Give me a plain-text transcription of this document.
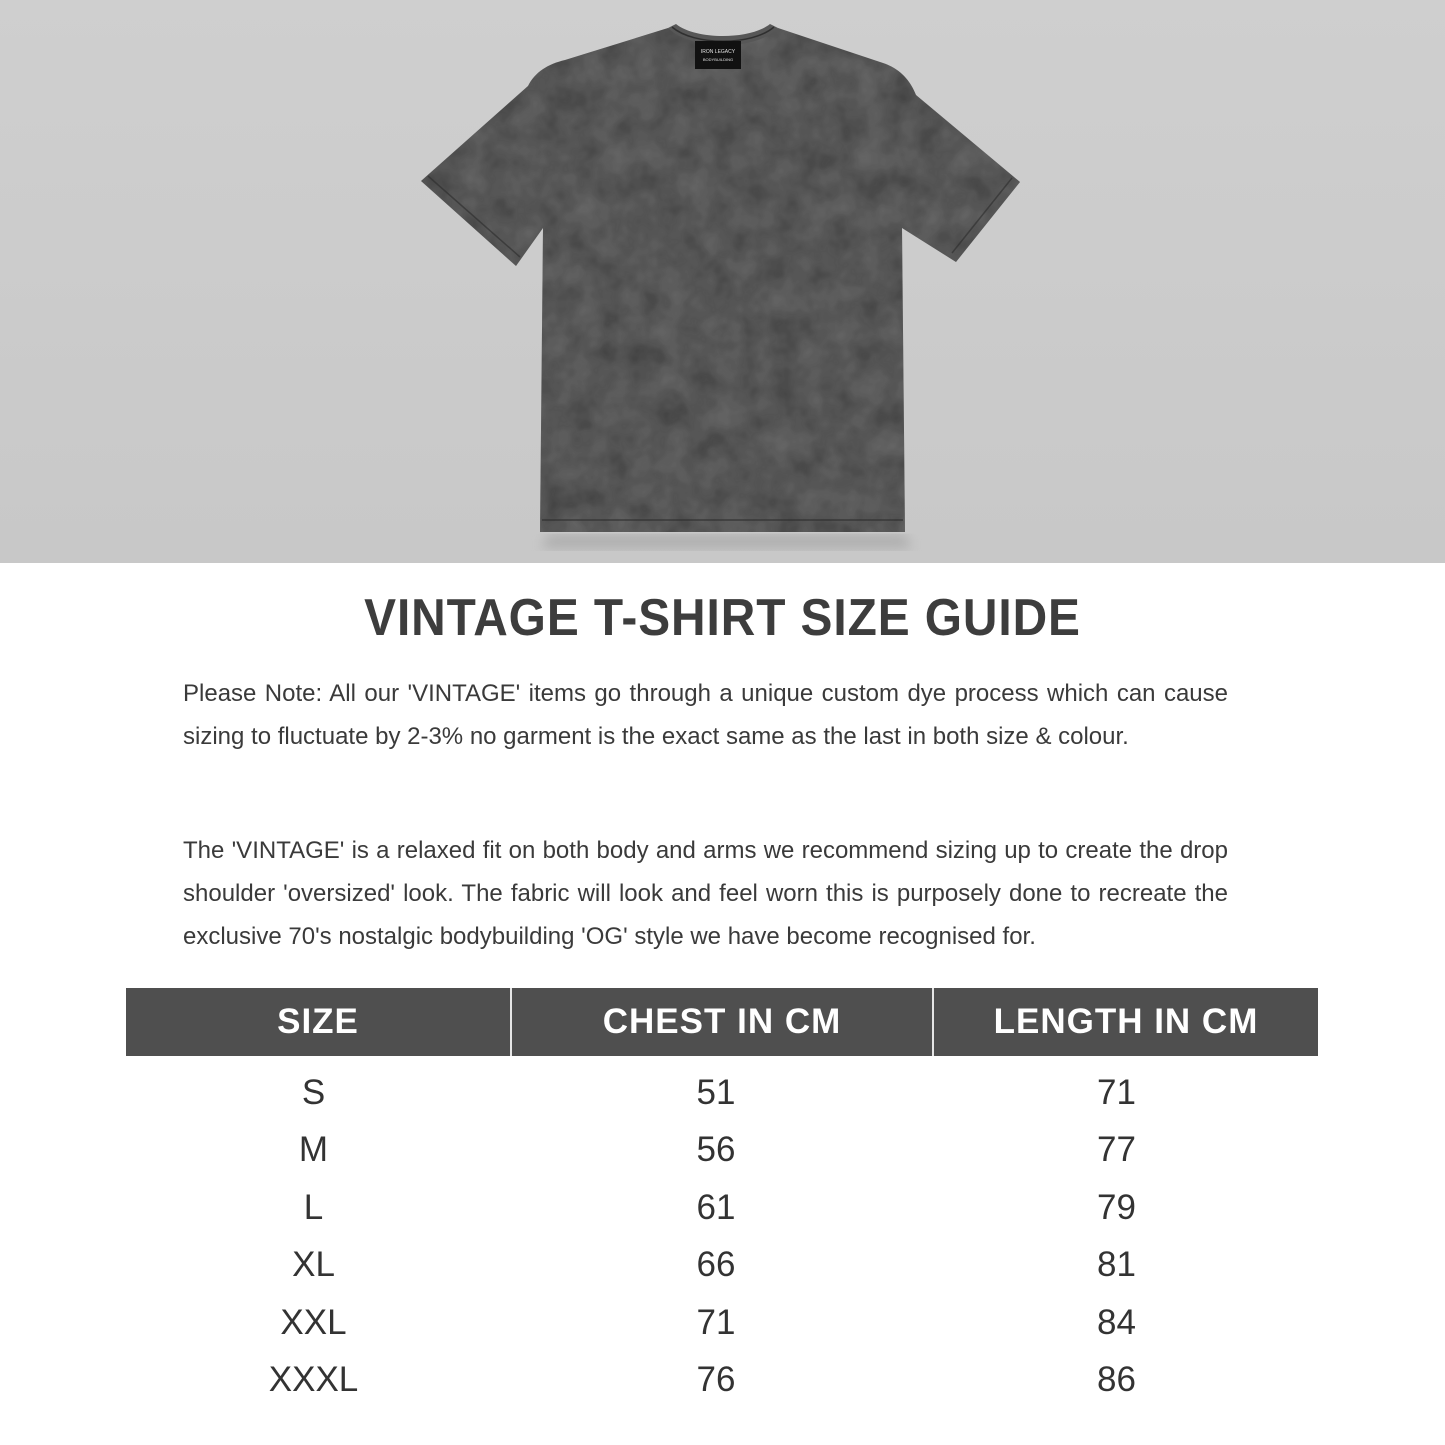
IRON LEGACY
BODYBUILDING
VINTAGE T-SHIRT SIZE GUIDE

Please Note: All our 'VINTAGE' items go through a unique custom dye process which can cause sizing to fluctuate by 2-3% no garment is the exact same as the last in both size & colour.

The 'VINTAGE' is a relaxed fit on both body and arms we recommend sizing up to create the drop shoulder 'oversized' look. The fabric will look and feel worn this is purposely done to recreate the exclusive 70's nostalgic bodybuilding 'OG' style we have become recognised for.

SIZE	CHEST IN CM	LENGTH IN CM
S	51	71
M	56	77
L	61	79
XL	66	81
XXL	71	84
XXXL	76	86
